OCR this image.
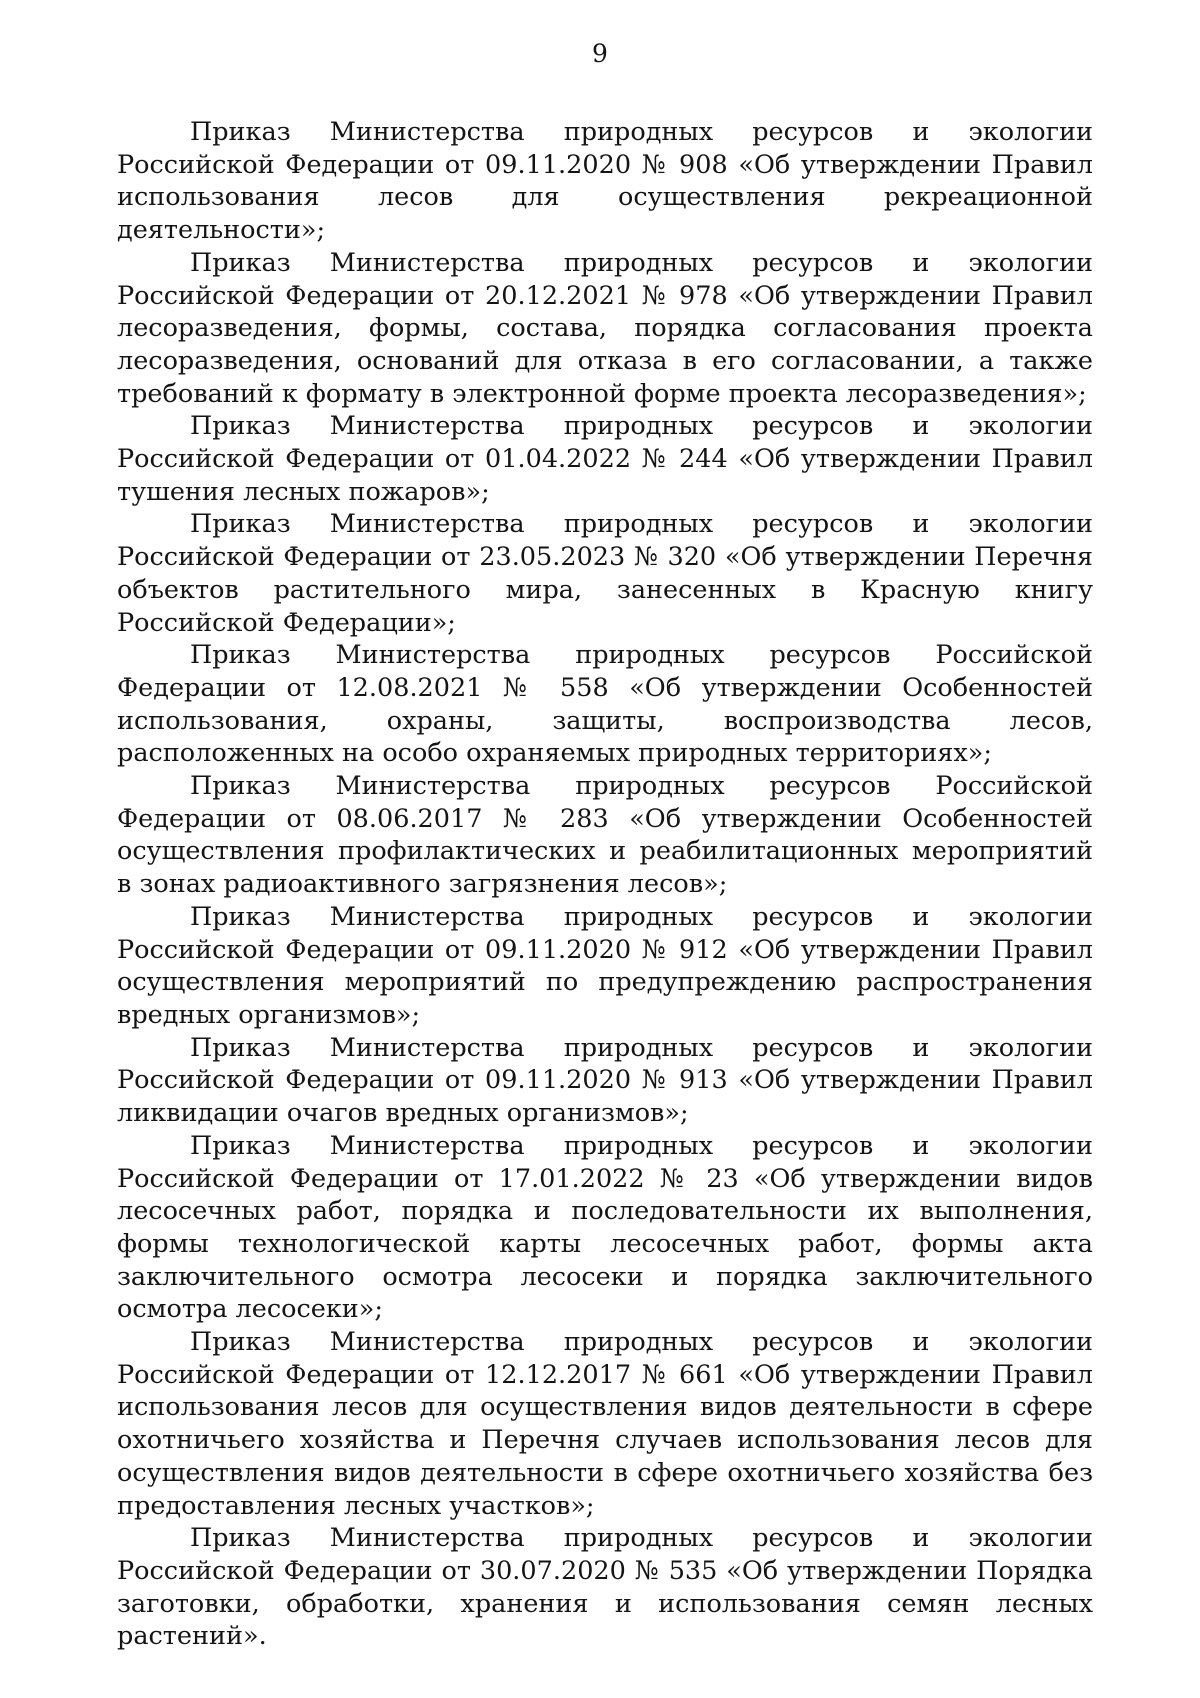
9

Приказ Министерства природных ресурсов и экологии Российской Федерации от 09.11.2020 № 908 «Об утверждении Правил использования лесов для осуществления рекреационной деятельности»;

Приказ Министерства природных ресурсов и экологии Российской Федерации от 20.12.2021 № 978 «Об утверждении Правил лесоразведения, формы, состава, порядка согласования проекта лесоразведения, оснований для отказа в его согласовании, а также требований к формату в электронной форме проекта лесоразведения»;

Приказ Министерства природных ресурсов и экологии Российской Федерации от 01.04.2022 № 244 «Об утверждении Правил тушения лесных пожаров»;

Приказ Министерства природных ресурсов и экологии Российской Федерации от 23.05.2023 № 320 «Об утверждении Перечня объектов растительного мира, занесенных в Красную книгу Российской Федерации»;

Приказ Министерства природных ресурсов Российской Федерации от 12.08.2021 № 558 «Об утверждении Особенностей использования, охраны, защиты, воспроизводства лесов, расположенных на особо охраняемых природных территориях»;

Приказ Министерства природных ресурсов Российской Федерации от 08.06.2017 № 283 «Об утверждении Особенностей осуществления профилактических и реабилитационных мероприятий в зонах радиоактивного загрязнения лесов»;

Приказ Министерства природных ресурсов и экологии Российской Федерации от 09.11.2020 № 912 «Об утверждении Правил осуществления мероприятий по предупреждению распространения вредных организмов»;

Приказ Министерства природных ресурсов и экологии Российской Федерации от 09.11.2020 № 913 «Об утверждении Правил ликвидации очагов вредных организмов»;

Приказ Министерства природных ресурсов и экологии Российской Федерации от 17.01.2022 № 23 «Об утверждении видов лесосечных работ, порядка и последовательности их выполнения, формы технологической карты лесосечных работ, формы акта заключительного осмотра лесосеки и порядка заключительного осмотра лесосеки»;

Приказ Министерства природных ресурсов и экологии Российской Федерации от 12.12.2017 № 661 «Об утверждении Правил использования лесов для осуществления видов деятельности в сфере охотничьего хозяйства и Перечня случаев использования лесов для осуществления видов деятельности в сфере охотничьего хозяйства без предоставления лесных участков»;

Приказ Министерства природных ресурсов и экологии Российской Федерации от 30.07.2020 № 535 «Об утверждении Порядка заготовки, обработки, хранения и использования семян лесных растений».
